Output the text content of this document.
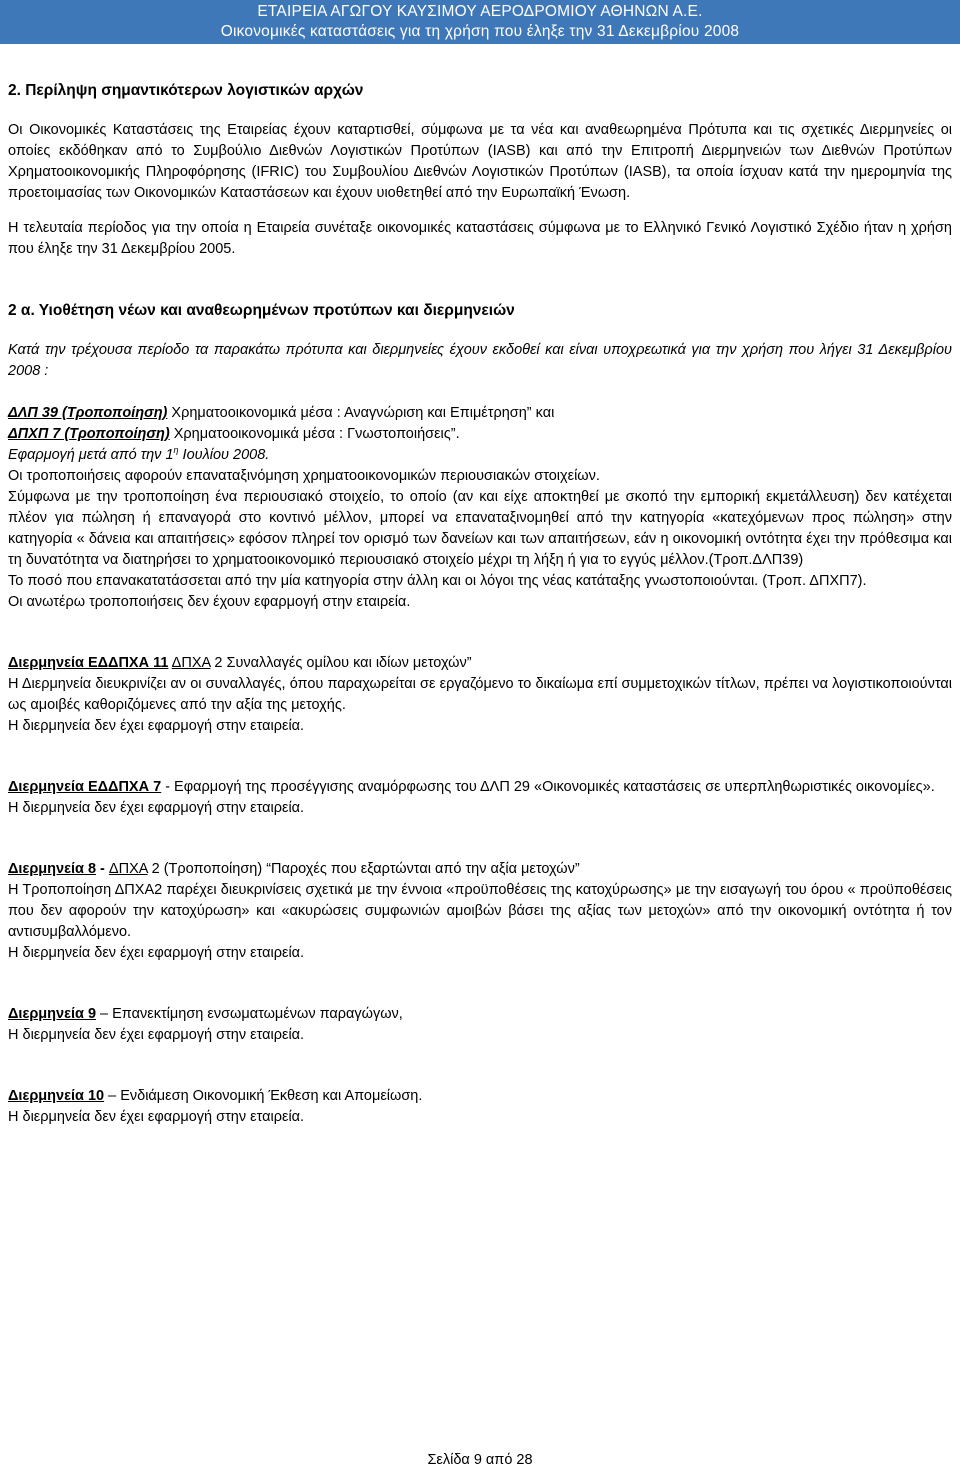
ΕΤΑΙΡΕΙΑ ΑΓΩΓΟΥ ΚΑΥΣΙΜΟΥ ΑΕΡΟΔΡΟΜΙΟΥ ΑΘΗΝΩΝ Α.Ε.
Οικονομικές καταστάσεις για τη χρήση που έληξε την 31 Δεκεμβρίου 2008
2. Περίληψη σημαντικότερων λογιστικών αρχών

Οι Οικονομικές Καταστάσεις της Εταιρείας έχουν καταρτισθεί, σύμφωνα με τα νέα και αναθεωρημένα Πρότυπα και τις σχετικές Διερμηνείες οι οποίες εκδόθηκαν από το Συμβούλιο Διεθνών Λογιστικών Προτύπων (IASB) και από την Επιτροπή Διερμηνειών των Διεθνών Προτύπων Χρηματοοικονομικής Πληροφόρησης (IFRIC) του Συμβουλίου Διεθνών Λογιστικών Προτύπων (IASB), τα οποία ίσχυαν κατά την ημερομηνία της προετοιμασίας των Οικονομικών Καταστάσεων και έχουν υιοθετηθεί από την Ευρωπαϊκή Ένωση.

Η τελευταία περίοδος για την οποία η Εταιρεία συνέταξε οικονομικές καταστάσεις σύμφωνα με το Ελληνικό Γενικό Λογιστικό Σχέδιο ήταν η χρήση που έληξε την 31 Δεκεμβρίου 2005.

2 α. Υιοθέτηση νέων και αναθεωρημένων προτύπων και διερμηνειών

Κατά την τρέχουσα περίοδο τα παρακάτω πρότυπα και διερμηνείες έχουν εκδοθεί και είναι υποχρεωτικά για την χρήση που λήγει 31 Δεκεμβρίου 2008 :

ΔΛΠ 39 (Τροποποίηση) Χρηματοοικονομικά μέσα : Αναγνώριση και Επιμέτρηση” και

ΔΠΧΠ 7 (Τροποποίηση) Χρηματοοικονομικά μέσα : Γνωστοποιήσεις”.

Εφαρμογή μετά από την $1^\eta$ Ιουλίου 2008.

Οι τροποποιήσεις αφορούν επαναταξινόμηση χρηματοοικονομικών περιουσιακών στοιχείων.

Σύμφωνα με την τροποποίηση ένα περιουσιακό στοιχείο, το οποίο (αν και είχε αποκτηθεί με σκοπό την εμπορική εκμετάλλευση) δεν κατέχεται πλέον για πώληση ή επαναγορά στο κοντινό μέλλον, μπορεί να επαναταξινομηθεί από την κατηγορία «κατεχόμενων προς πώληση» στην κατηγορία « δάνεια και απαιτήσεις» εφόσον πληρεί τον ορισμό των δανείων και των απαιτήσεων, εάν η οικονομική οντότητα έχει την πρόθεσιμα και τη δυνατότητα να διατηρήσει το χρηματοοικονομικό περιουσιακό στοιχείο μέχρι τη λήξη ή για το εγγύς μέλλον.(Τροπ.ΔΛΠ39)

Το ποσό που επανακατατάσσεται από την μία κατηγορία στην άλλη και οι λόγοι της νέας κατάταξης γνωστοποιούνται. (Τροπ. ΔΠΧΠ7).

Οι ανωτέρω τροποποιήσεις δεν έχουν εφαρμογή στην εταιρεία.

Διερμηνεία ΕΔΔΠΧΑ 11 ΔΠΧΑ 2 Συναλλαγές ομίλου και ιδίων μετοχών”

Η Διερμηνεία διευκρινίζει αν οι συναλλαγές, όπου παραχωρείται σε εργαζόμενο το δικαίωμα επί συμμετοχικών τίτλων, πρέπει να λογιστικοποιούνται ως αμοιβές καθοριζόμενες από την αξία της μετοχής.

Η διερμηνεία δεν έχει εφαρμογή στην εταιρεία.

Διερμηνεία ΕΔΔΠΧΑ 7 - Εφαρμογή της προσέγγισης αναμόρφωσης του ΔΛΠ 29 «Οικονομικές καταστάσεις σε υπερπληθωριστικές οικονομίες».

Η διερμηνεία δεν έχει εφαρμογή στην εταιρεία.

Διερμηνεία 8 - ΔΠΧΑ 2 (Τροποποίηση) “Παροχές που εξαρτώνται από την αξία μετοχών”

Η Τροποποίηση ΔΠΧΑ2 παρέχει διευκρινίσεις σχετικά με την έννοια «προϋποθέσεις της κατοχύρωσης» με την εισαγωγή του όρου « προϋποθέσεις που δεν αφορούν την κατοχύρωση» και «ακυρώσεις συμφωνιών αμοιβών βάσει της αξίας των μετοχών» από την οικονομική οντότητα ή τον αντισυμβαλλόμενο.

Η διερμηνεία δεν έχει εφαρμογή στην εταιρεία.

Διερμηνεία 9 – Επανεκτίμηση ενσωματωμένων παραγώγων,

Η διερμηνεία δεν έχει εφαρμογή στην εταιρεία.

Διερμηνεία 10 – Ενδιάμεση Οικονομική Έκθεση και Απομείωση.

Η διερμηνεία δεν έχει εφαρμογή στην εταιρεία.

Σελίδα 9 από 28
